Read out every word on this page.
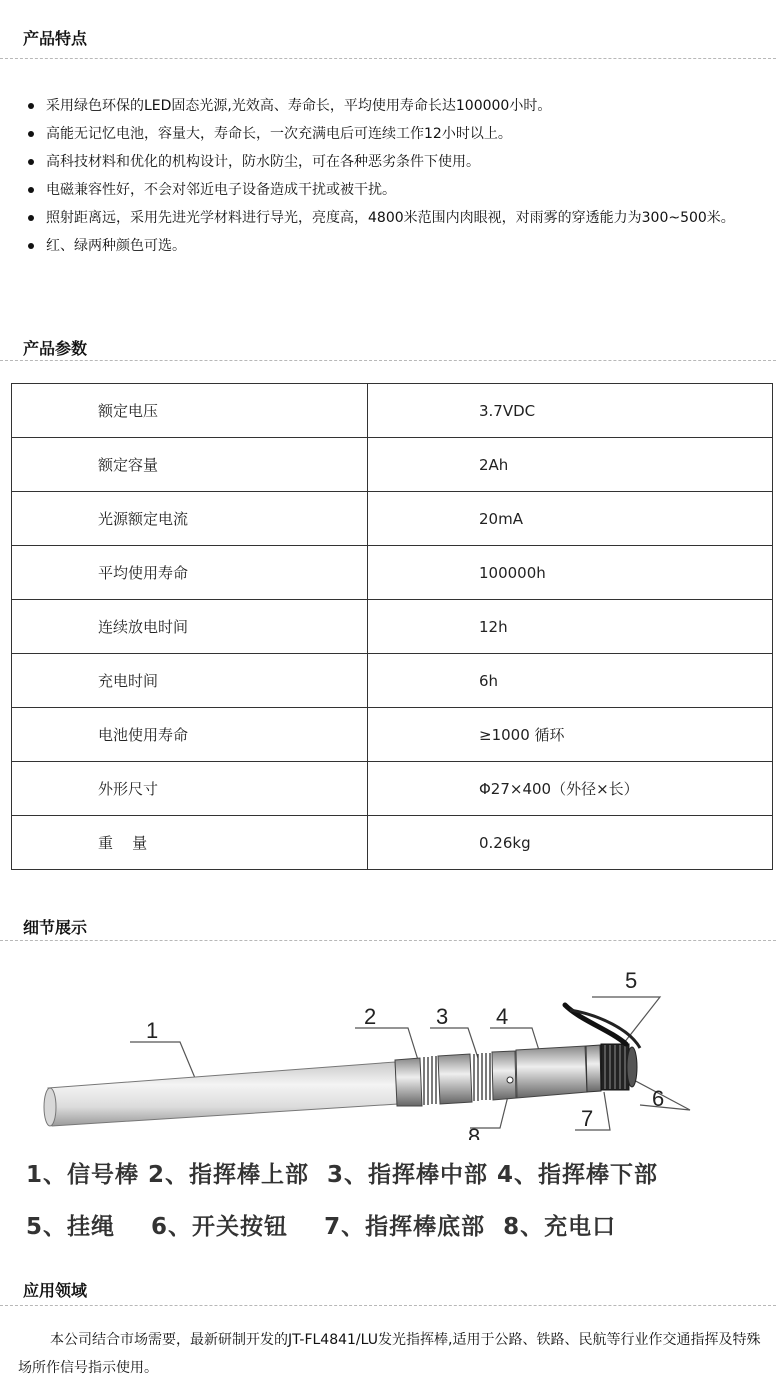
产品特点
采用绿色环保的LED固态光源,光效高、寿命长，平均使用寿命长达100000小时。
高能无记忆电池，容量大，寿命长，一次充满电后可连续工作12小时以上。
高科技材料和优化的机构设计，防水防尘，可在各种恶劣条件下使用。
电磁兼容性好，不会对邻近电子设备造成干扰或被干扰。
照射距离远，采用先进光学材料进行导光，亮度高，4800米范围内肉眼视，对雨雾的穿透能力为300~500米。
红、绿两种颜色可选。
产品参数
额定电压	3.7VDC
额定容量	2Ah
光源额定电流	20mA
平均使用寿命	100000h
连续放电时间	12h
充电时间	6h
电池使用寿命	≥1000 循环
外形尺寸	Φ27×400（外径×长）
重    量	0.26kg
细节展示
1
2	3 4
5
6
7
8
1、信号棒 2、指挥棒上部  3、指挥棒中部 4、指挥棒下部
5、挂绳    6、开关按钮    7、指挥棒底部  8、充电口
应用领域
本公司结合市场需要，最新研制开发的JT-FL4841/LU发光指挥棒,适用于公路、铁路、民航等行业作交通指挥及特殊场所作信号指示使用。
